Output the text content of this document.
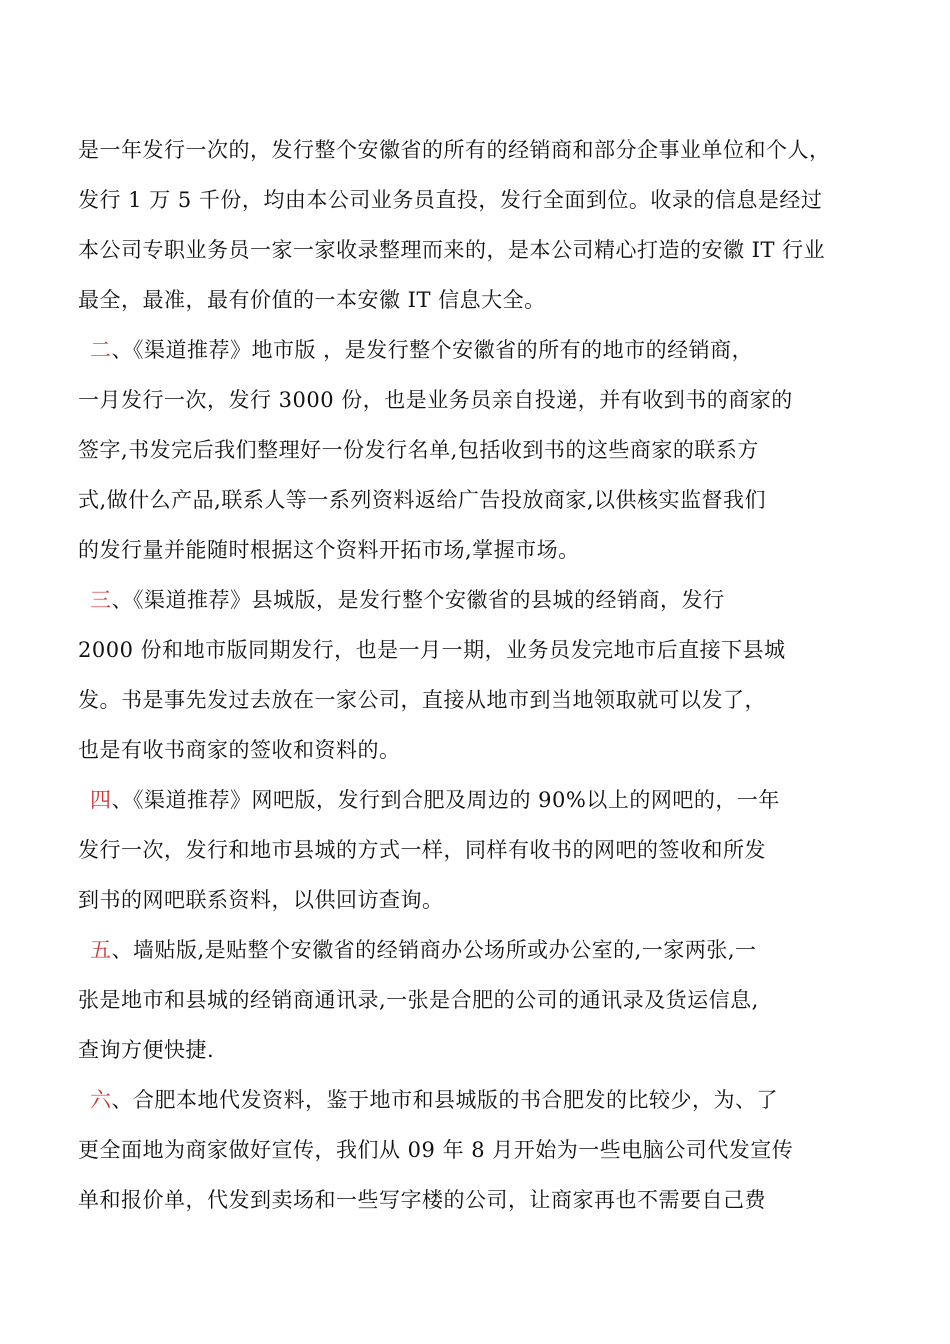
是一年发行一次的，发行整个安徽省的所有的经销商和部分企事业单位和个人，
发行 1 万 5 千份，均由本公司业务员直投，发行全面到位。收录的信息是经过
本公司专职业务员一家一家收录整理而来的，是本公司精心打造的安徽 IT 行业
最全，最准，最有价值的一本安徽 IT 信息大全。
二、《渠道推荐》地市版 ，是发行整个安徽省的所有的地市的经销商，
一月发行一次，发行 3000 份，也是业务员亲自投递，并有收到书的商家的
签字,书发完后我们整理好一份发行名单,包括收到书的这些商家的联系方
式,做什么产品,联系人等一系列资料返给广告投放商家,以供核实监督我们
的发行量并能随时根据这个资料开拓市场,掌握市场。
三、《渠道推荐》县城版，是发行整个安徽省的县城的经销商，发行
2000 份和地市版同期发行，也是一月一期，业务员发完地市后直接下县城
发。书是事先发过去放在一家公司，直接从地市到当地领取就可以发了，
也是有收书商家的签收和资料的。
四、《渠道推荐》网吧版，发行到合肥及周边的 90%以上的网吧的，一年
发行一次，发行和地市县城的方式一样，同样有收书的网吧的签收和所发
到书的网吧联系资料，以供回访查询。
五、墙贴版,是贴整个安徽省的经销商办公场所或办公室的,一家两张,一
张是地市和县城的经销商通讯录,一张是合肥的公司的通讯录及货运信息,
查询方便快捷.
六、合肥本地代发资料，鉴于地市和县城版的书合肥发的比较少，为、了
更全面地为商家做好宣传，我们从 09 年 8 月开始为一些电脑公司代发宣传
单和报价单，代发到卖场和一些写字楼的公司，让商家再也不需要自己费
